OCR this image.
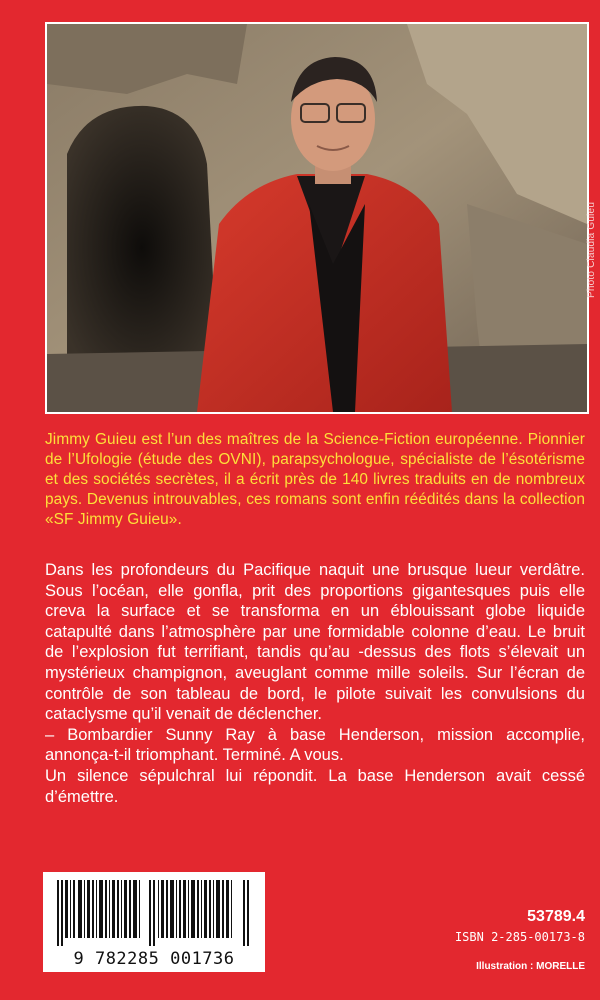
Photo Claudia Guieu

Jimmy Guieu est l’un des maîtres de la Science-Fiction européenne. Pionnier de l’Ufologie (étude des OVNI), parapsychologue, spécialiste de l’ésotérisme et des sociétés secrètes, il a écrit près de 140 livres traduits en de nombreux pays. Devenus introuvables, ces romans sont enfin réédités dans la collection «SF Jimmy Guieu».

Dans les profondeurs du Pacifique naquit une brusque lueur verdâtre. Sous l’océan, elle gonfla, prit des proportions gigantesques puis elle creva la surface et se transforma en un éblouissant globe liquide catapulté dans l’atmosphère par une formidable colonne d’eau. Le bruit de l’explosion fut terrifiant, tandis qu’au -dessus des flots s’élevait un mystérieux champignon, aveuglant comme mille soleils. Sur l’écran de contrôle de son tableau de bord, le pilote suivait les convulsions du cataclysme qu’il venait de déclencher.

– Bombardier Sunny Ray à base Henderson, mission accomplie, annonça-t-il triomphant. Terminé. A vous.

Un silence sépulchral lui répondit. La base Henderson avait cessé d’émettre.

9 782285 001736
53789.4
ISBN 2-285-00173-8
Illustration : MORELLE
